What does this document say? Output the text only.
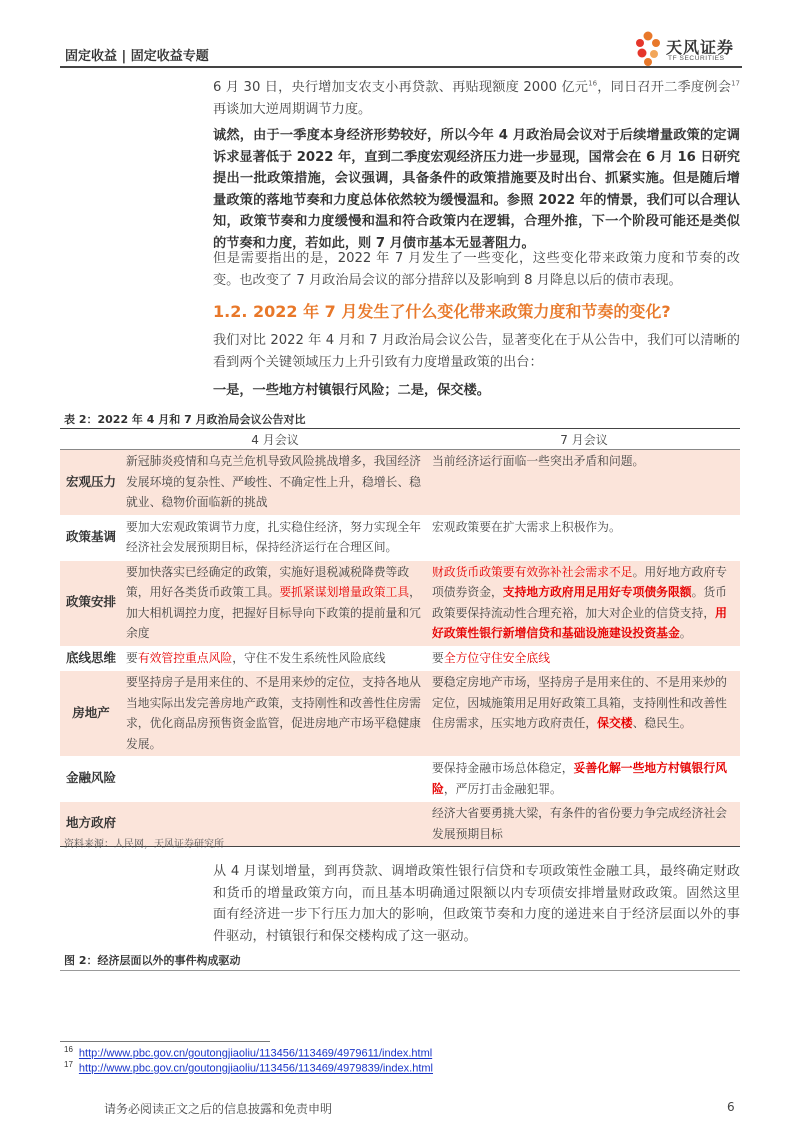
固定收益 | 固定收益专题	天风证券
TF SECURITIES
6 月 30 日，央行增加支农支小再贷款、再贴现额度 2000 亿元$^{16}$，同日召开二季度例会$^{17}$再谈加大逆周期调节力度。
诚然，由于一季度本身经济形势较好，所以今年 4 月政治局会议对于后续增量政策的定调诉求显著低于 2022 年，直到二季度宏观经济压力进一步显现，国常会在 6 月 16 日研究提出一批政策措施，会议强调，具备条件的政策措施要及时出台、抓紧实施。但是随后增量政策的落地节奏和力度总体依然较为缓慢温和。参照 2022 年的情景，我们可以合理认知，政策节奏和力度缓慢和温和符合政策内在逻辑，合理外推，下一个阶段可能还是类似的节奏和力度，若如此，则 7 月债市基本无显著阻力。
但是需要指出的是，2022 年 7 月发生了一些变化，这些变化带来政策力度和节奏的改变。也改变了 7 月政治局会议的部分措辞以及影响到 8 月降息以后的债市表现。
1.2. 2022 年 7 月发生了什么变化带来政策力度和节奏的变化?
我们对比 2022 年 4 月和 7 月政治局会议公告，显著变化在于从公告中，我们可以清晰的看到两个关键领域压力上升引致有力度增量政策的出台：
一是，一些地方村镇银行风险；二是，保交楼。
表 2：2022 年 4 月和 7 月政治局会议公告对比
	4 月会议	7 月会议
宏观压力	新冠肺炎疫情和乌克兰危机导致风险挑战增多，我国经济发展环境的复杂性、严峻性、不确定性上升，稳增长、稳就业、稳物价面临新的挑战	当前经济运行面临一些突出矛盾和问题。
政策基调	要加大宏观政策调节力度，扎实稳住经济，努力实现全年经济社会发展预期目标，保持经济运行在合理区间。	宏观政策要在扩大需求上积极作为。
政策安排	要加快落实已经确定的政策，实施好退税减税降费等政策，用好各类货币政策工具。要抓紧谋划增量政策工具，加大相机调控力度，把握好目标导向下政策的提前量和冗余度	财政货币政策要有效弥补社会需求不足。用好地方政府专项债券资金，支持地方政府用足用好专项债务限额。货币政策要保持流动性合理充裕，加大对企业的信贷支持，用好政策性银行新增信贷和基础设施建设投资基金。
底线思维	要有效管控重点风险，守住不发生系统性风险底线	要全方位守住安全底线
房地产	要坚持房子是用来住的、不是用来炒的定位，支持各地从当地实际出发完善房地产政策，支持刚性和改善性住房需求，优化商品房预售资金监管，促进房地产市场平稳健康发展。	要稳定房地产市场，坚持房子是用来住的、不是用来炒的定位，因城施策用足用好政策工具箱，支持刚性和改善性住房需求，压实地方政府责任，保交楼、稳民生。
金融风险		要保持金融市场总体稳定，妥善化解一些地方村镇银行风险，严厉打击金融犯罪。
地方政府		经济大省要勇挑大梁，有条件的省份要力争完成经济社会发展预期目标
资料来源：人民网，天风证券研究所
从 4 月谋划增量，到再贷款、调增政策性银行信贷和专项政策性金融工具，最终确定财政和货币的增量政策方向，而且基本明确通过限额以内专项债安排增量财政政策。固然这里面有经济进一步下行压力加大的影响，但政策节奏和力度的递进来自于经济层面以外的事件驱动，村镇银行和保交楼构成了这一驱动。
图 2：经济层面以外的事件构成驱动
$^{16}$ http://www.pbc.gov.cn/goutongjiaoliu/113456/113469/4979611/index.html
$^{17}$ http://www.pbc.gov.cn/goutongjiaoliu/113456/113469/4979839/index.html
请务必阅读正文之后的信息披露和免责申明	6
